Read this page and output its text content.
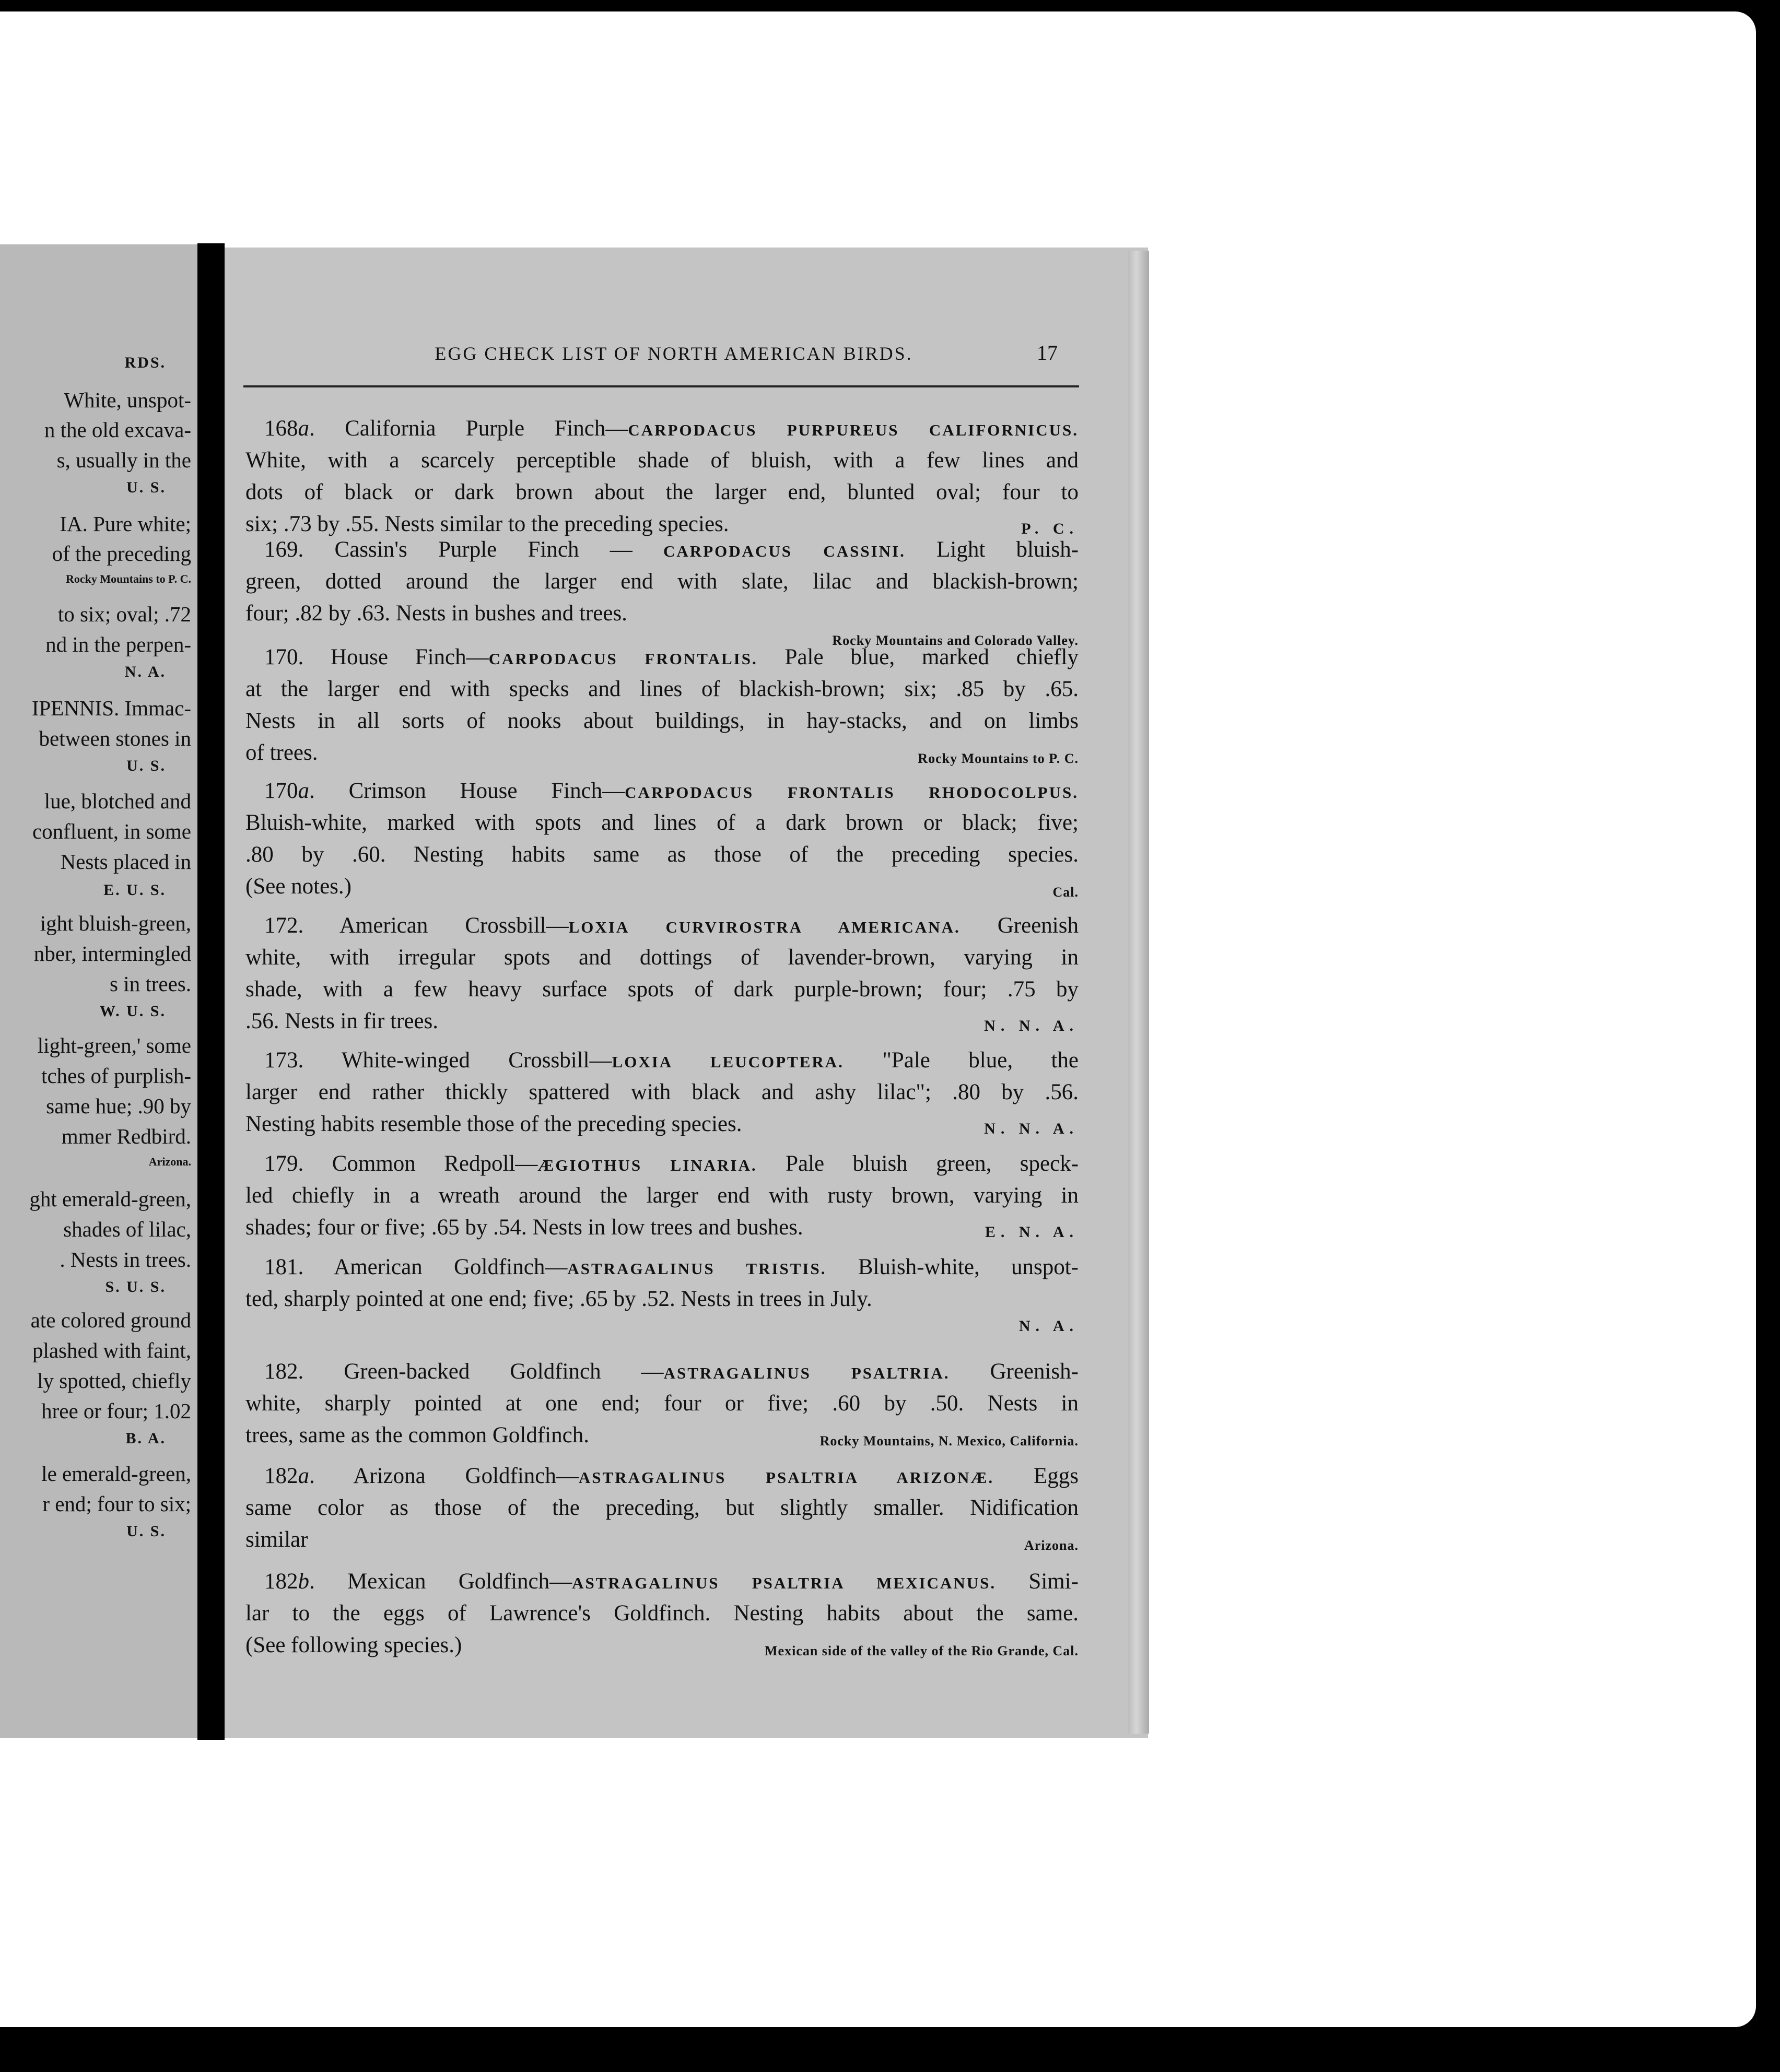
RDS.
White, unspot-
n the old excava-
s, usually in the
U. S.
IA. Pure white;
of the preceding
Rocky Mountains to P. C.
to six; oval; .72
nd in the perpen-
N. A.
IPENNIS. Immac-
between stones in
U. S.
lue, blotched and
confluent, in some
Nests placed in
E. U. S.
ight bluish-green,
nber, intermingled
s in trees.
W. U. S.
light-green,' some
tches of purplish-
same hue; .90 by
mmer Redbird.
Arizona.
ght emerald-green,
shades of lilac,
. Nests in trees.
S. U. S.
ate colored ground
plashed with faint,
ly spotted, chiefly
hree or four; 1.02
B. A.
le emerald-green,
r end; four to six;
U. S.
EGG CHECK LIST OF NORTH AMERICAN BIRDS.	17
168a. California Purple Finch—CARPODACUS PURPUREUS CALIFORNICUS.
White, with a scarcely perceptible shade of bluish, with a few lines and
dots of black or dark brown about the larger end, blunted oval; four to
six; .73 by .55. Nests similar to the preceding species.	P. C.
169. Cassin's Purple Finch — CARPODACUS CASSINI. Light bluish-
green, dotted around the larger end with slate, lilac and blackish-brown;
four; .82 by .63. Nests in bushes and trees.
Rocky Mountains and Colorado Valley.
170. House Finch—CARPODACUS FRONTALIS. Pale blue, marked chiefly
at the larger end with specks and lines of blackish-brown; six; .85 by .65.
Nests in all sorts of nooks about buildings, in hay-stacks, and on limbs
of trees.	Rocky Mountains to P. C.
170a. Crimson House Finch—CARPODACUS FRONTALIS RHODOCOLPUS.
Bluish-white, marked with spots and lines of a dark brown or black; five;
.80 by .60. Nesting habits same as those of the preceding species.
(See notes.)	Cal.
172. American Crossbill—LOXIA CURVIROSTRA AMERICANA. Greenish
white, with irregular spots and dottings of lavender-brown, varying in
shade, with a few heavy surface spots of dark purple-brown; four; .75 by
.56. Nests in fir trees.	N. N. A.
173. White-winged Crossbill—LOXIA LEUCOPTERA. "Pale blue, the
larger end rather thickly spattered with black and ashy lilac"; .80 by .56.
Nesting habits resemble those of the preceding species.	N. N. A.
179. Common Redpoll—ÆGIOTHUS LINARIA. Pale bluish green, speck-
led chiefly in a wreath around the larger end with rusty brown, varying in
shades; four or five; .65 by .54. Nests in low trees and bushes.	E. N. A.
181. American Goldfinch—ASTRAGALINUS TRISTIS. Bluish-white, unspot-
ted, sharply pointed at one end; five; .65 by .52. Nests in trees in July.
N. A.
182. Green-backed Goldfinch —ASTRAGALINUS PSALTRIA. Greenish-
white, sharply pointed at one end; four or five; .60 by .50. Nests in
trees, same as the common Goldfinch.	Rocky Mountains, N. Mexico, California.
182a. Arizona Goldfinch—ASTRAGALINUS PSALTRIA ARIZONÆ. Eggs
same color as those of the preceding, but slightly smaller. Nidification
similar	Arizona.
182b. Mexican Goldfinch—ASTRAGALINUS PSALTRIA MEXICANUS. Simi-
lar to the eggs of Lawrence's Goldfinch. Nesting habits about the same.
(See following species.)	Mexican side of the valley of the Rio Grande, Cal.
